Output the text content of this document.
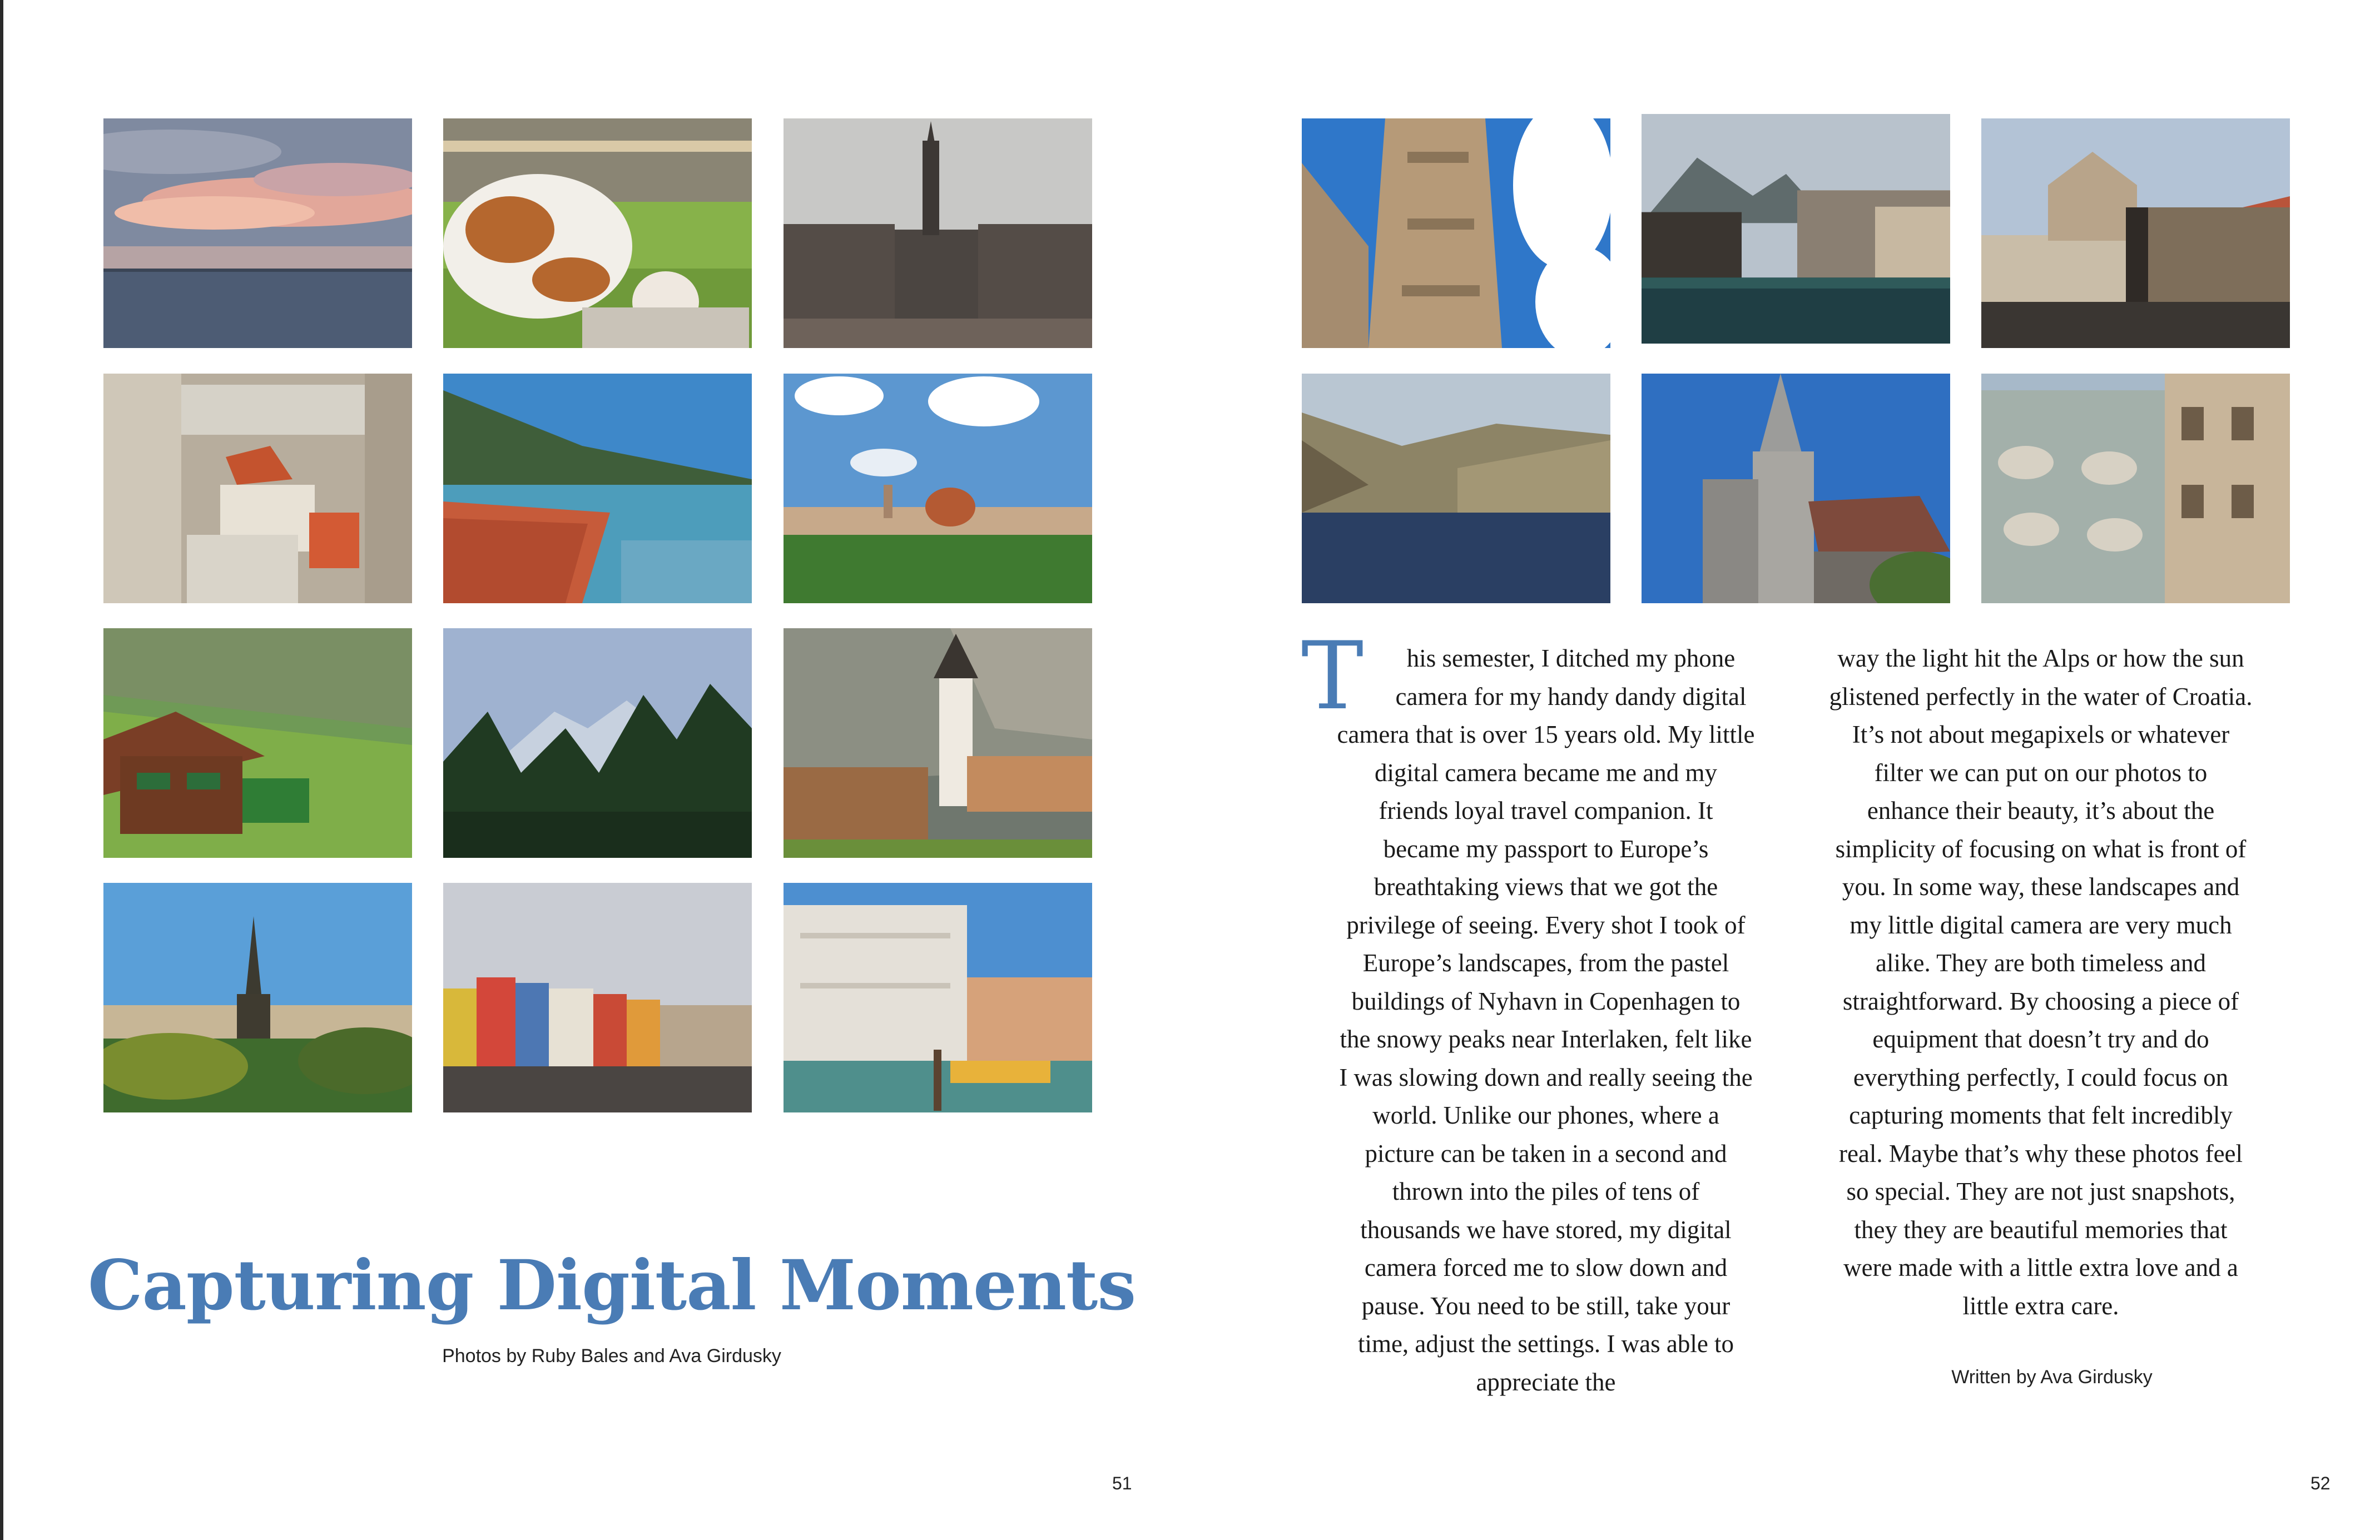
Capturing Digital Moments
Photos by Ruby Bales and Ava Girdusky
T	his semester, I ditched my phone
camera for my handy dandy digital
camera that is over 15 years old. My little
digital camera became me and my
friends loyal travel companion. It
became my passport to Europe’s
breathtaking views that we got the
privilege of seeing. Every shot I took of
Europe’s landscapes, from the pastel
buildings of Nyhavn in Copenhagen to
the snowy peaks near Interlaken, felt like
I was slowing down and really seeing the
world. Unlike our phones, where a
picture can be taken in a second and
thrown into the piles of tens of
thousands we have stored, my digital
camera forced me to slow down and
pause. You need to be still, take your
time, adjust the settings. I was able to
appreciate the
way the light hit the Alps or how the sun
glistened perfectly in the water of Croatia.
It’s not about megapixels or whatever
filter we can put on our photos to
enhance their beauty, it’s about the
simplicity of focusing on what is front of
you. In some way, these landscapes and
my little digital camera are very much
alike. They are both timeless and
straightforward. By choosing a piece of
equipment that doesn’t try and do
everything perfectly, I could focus on
capturing moments that felt incredibly
real. Maybe that’s why these photos feel
so special. They are not just snapshots,
they they are beautiful memories that
were made with a little extra love and a
little extra care.
Written by Ava Girdusky
51	52
